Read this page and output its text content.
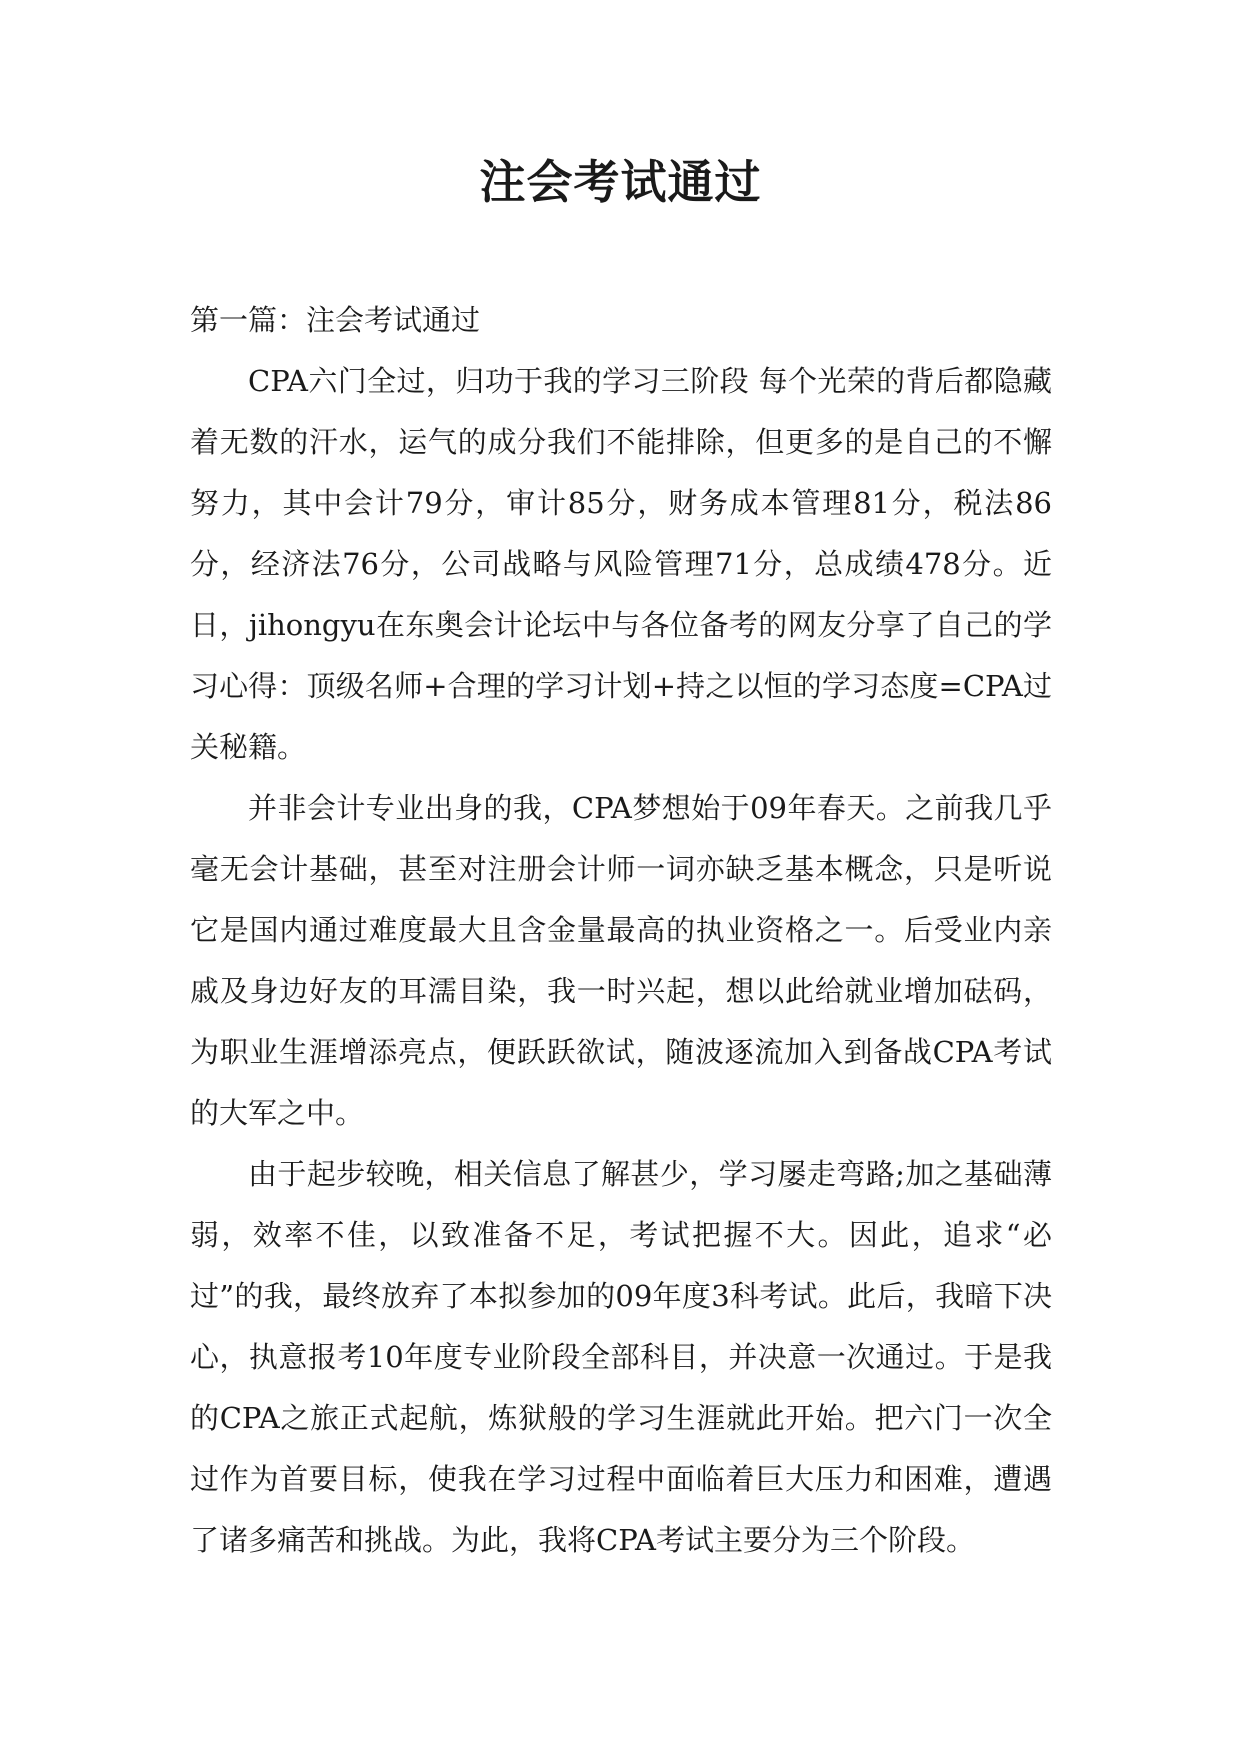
注会考试通过

第一篇：注会考试通过

CPA六门全过，归功于我的学习三阶段 每个光荣的背后都隐藏着无数的汗水，运气的成分我们不能排除，但更多的是自己的不懈努力，其中会计79分，审计85分，财务成本管理81分，税法86分，经济法76分，公司战略与风险管理71分，总成绩478分。近日，jihongyu在东奥会计论坛中与各位备考的网友分享了自己的学习心得：顶级名师+合理的学习计划+持之以恒的学习态度=CPA过关秘籍。

并非会计专业出身的我，CPA梦想始于09年春天。之前我几乎毫无会计基础，甚至对注册会计师一词亦缺乏基本概念，只是听说它是国内通过难度最大且含金量最高的执业资格之一。后受业内亲戚及身边好友的耳濡目染，我一时兴起，想以此给就业增加砝码，为职业生涯增添亮点，便跃跃欲试，随波逐流加入到备战CPA考试的大军之中。

由于起步较晚，相关信息了解甚少，学习屡走弯路;加之基础薄弱，效率不佳，以致准备不足，考试把握不大。因此，追求“必过”的我，最终放弃了本拟参加的09年度3科考试。此后，我暗下决心，执意报考10年度专业阶段全部科目，并决意一次通过。于是我的CPA之旅正式起航，炼狱般的学习生涯就此开始。把六门一次全过作为首要目标，使我在学习过程中面临着巨大压力和困难，遭遇了诸多痛苦和挑战。为此，我将CPA考试主要分为三个阶段。
